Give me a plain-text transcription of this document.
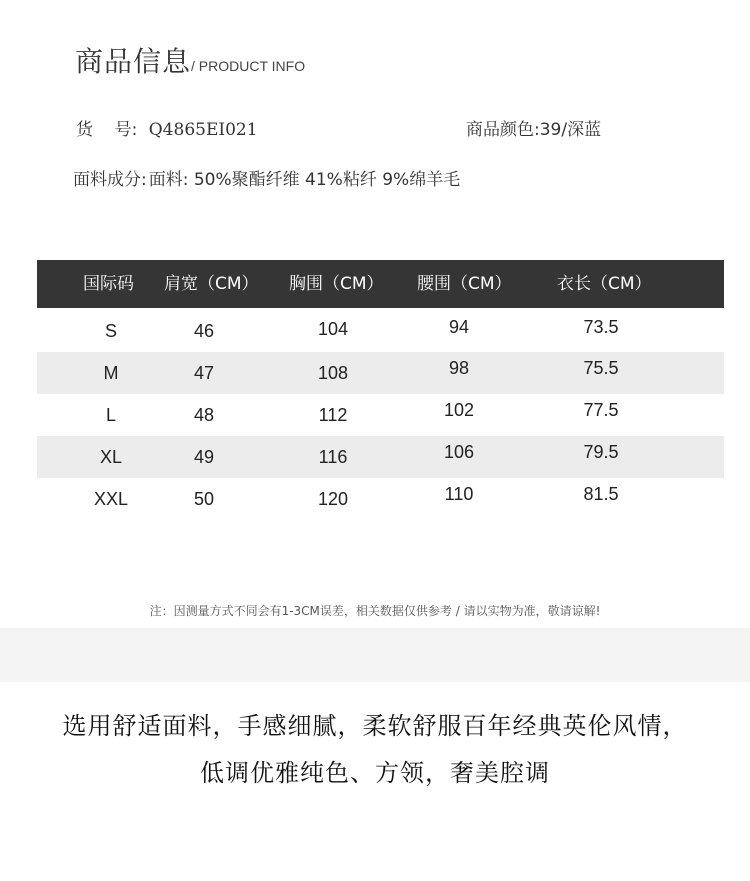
商品信息/ PRODUCT INFO
货    号: Q4865EI021	商品颜色:39/深蓝
面料成分: 面料: 50%聚酯纤维 41%粘纤 9%绵羊毛
国际码 肩宽（CM） 胸围（CM） 腰围（CM）	衣长（CM）
S	46	104	94	73.5
M	47	108	98	75.5
L	48	112	102	77.5
XL	49	116	106	79.5
XXL	50	120	110	81.5
注：因测量方式不同会有1-3CM误差，相关数据仅供参考 / 请以实物为准，敬请谅解!
选用舒适面料，手感细腻，柔软舒服百年经典英伦风情，
低调优雅纯色、方领，奢美腔调
